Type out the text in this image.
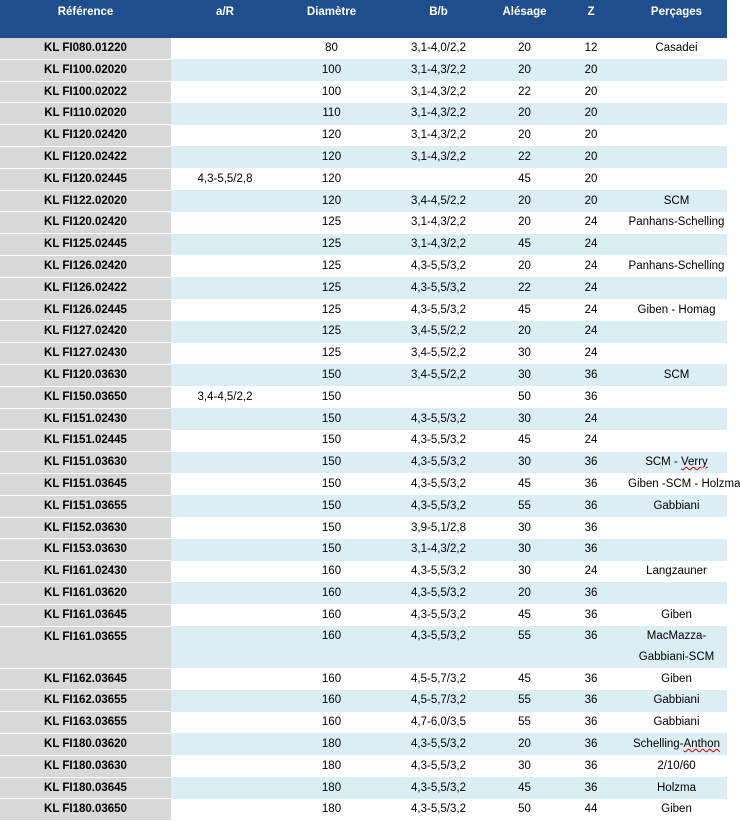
Référence	a/R	Diamètre	B/b	Alésage	Z	Perçages
KL FI080.01220		80	3,1-4,0/2,2	20	12	Casadei
KL FI100.02020		100	3,1-4,3/2,2	20	20	
KL FI100.02022		100	3,1-4,3/2,2	22	20	
KL FI110.02020		110	3,1-4,3/2,2	20	20	
KL FI120.02420		120	3,1-4,3/2,2	20	20	
KL FI120.02422		120	3,1-4,3/2,2	22	20	
KL FI120.02445	4,3-5,5/2,8	120		45	20	
KL FI122.02020		120	3,4-4,5/2,2	20	20	SCM
KL FI120.02420		125	3,1-4,3/2,2	20	24	Panhans-Schelling
KL FI125.02445		125	3,1-4,3/2,2	45	24	
KL FI126.02420		125	4,3-5,5/3,2	20	24	Panhans-Schelling
KL FI126.02422		125	4,3-5,5/3,2	22	24	
KL FI126.02445		125	4,3-5,5/3,2	45	24	Giben - Homag
KL FI127.02420		125	3,4-5,5/2,2	20	24	
KL FI127.02430		125	3,4-5,5/2,2	30	24	
KL FI120.03630		150	3,4-5,5/2,2	30	36	SCM
KL FI150.03650	3,4-4,5/2,2	150		50	36	
KL FI151.02430		150	4,3-5,5/3,2	30	24	
KL FI151.02445		150	4,3-5,5/3,2	45	24	
KL FI151.03630		150	4,3-5,5/3,2	30	36	SCM - Verry
KL FI151.03645		150	4,3-5,5/3,2	45	36	Giben -SCM - Holzma
KL FI151.03655		150	4,3-5,5/3,2	55	36	Gabbiani
KL FI152.03630		150	3,9-5,1/2,8	30	36	
KL FI153.03630		150	3,1-4,3/2,2	30	36	
KL FI161.02430		160	4,3-5,5/3,2	30	24	Langzauner
KL FI161.03620		160	4,3-5,5/3,2	20	36	
KL FI161.03645		160	4,3-5,5/3,2	45	36	Giben
KL FI161.03655		160	4,3-5,5/3,2	55	36	MacMazza-Gabbiani-SCM
KL FI162.03645		160	4,5-5,7/3,2	45	36	Giben
KL FI162.03655		160	4,5-5,7/3,2	55	36	Gabbiani
KL FI163.03655		160	4,7-6,0/3,5	55	36	Gabbiani
KL FI180.03620		180	4,3-5,5/3,2	20	36	Schelling-Anthon
KL FI180.03630		180	4,3-5,5/3,2	30	36	2/10/60
KL FI180.03645		180	4,3-5,5/3,2	45	36	Holzma
KL FI180.03650		180	4,3-5,5/3,2	50	44	Giben
